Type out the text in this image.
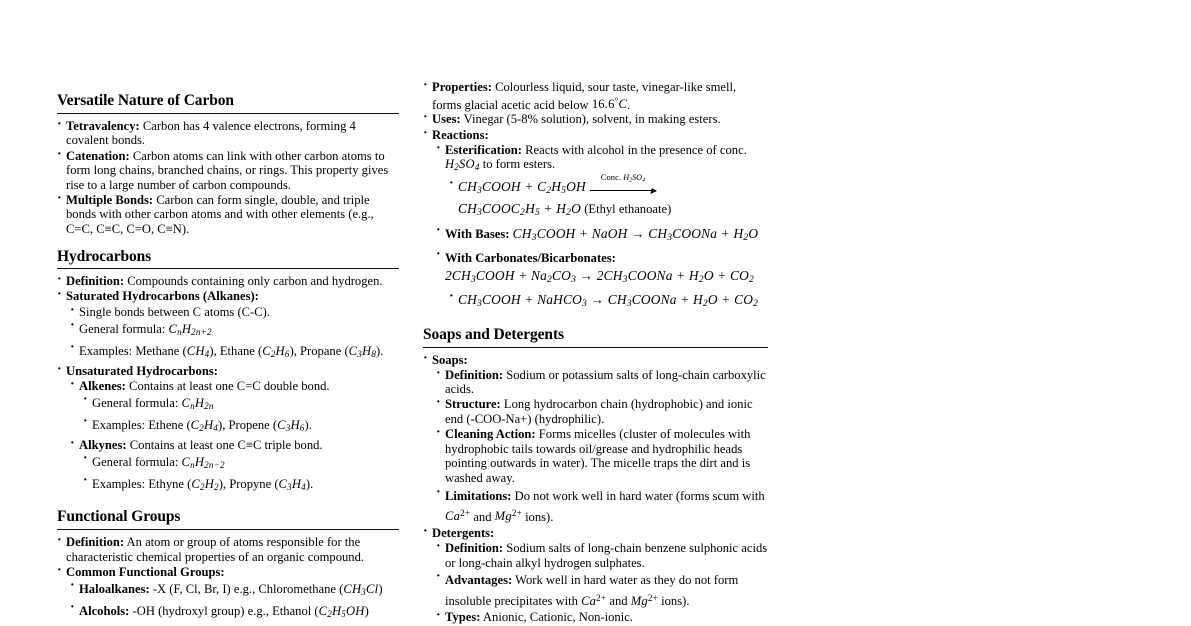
Versatile Nature of Carbon
· Tetravalency: Carbon has 4 valence electrons, forming 4 covalent bonds.
· Catenation: Carbon atoms can link with other carbon atoms to form long chains, branched chains, or rings. This property gives rise to a large number of carbon compounds.
· Multiple Bonds: Carbon can form single, double, and triple bonds with other carbon atoms and with other elements (e.g., C=C, C≡C, C=O, C≡N).
Hydrocarbons
· Definition: Compounds containing only carbon and hydrogen.
· Saturated Hydrocarbons (Alkanes):
· Single bonds between C atoms (C-C).
· General formula: $C_nH_{2n+2}$
· Examples: Methane $(CH_4)$, Ethane $(C_2H_6)$, Propane $(C_3H_8)$.
· Unsaturated Hydrocarbons:
· Alkenes: Contains at least one C=C double bond.
· General formula: $C_nH_{2n}$
· Examples: Ethene $(C_2H_4)$, Propene $(C_3H_6)$.
· Alkynes: Contains at least one C≡C triple bond.
· General formula: $C_nH_{2n-2}$
· Examples: Ethyne $(C_2H_2)$, Propyne $(C_3H_4)$.
Functional Groups
· Definition: An atom or group of atoms responsible for the characteristic chemical properties of an organic compound.
· Common Functional Groups:
· Haloalkanes: -X (F, Cl, Br, I) e.g., Chloromethane $(CH_3Cl)$
· Alcohols: -OH (hydroxyl group) e.g., Ethanol $(C_2H_5OH)$
· Properties: Colourless liquid, sour taste, vinegar-like smell, forms glacial acetic acid below 16.6°C.
· Uses: Vinegar (5-8% solution), solvent, in making esters.
· Reactions:
· Esterification: Reacts with alcohol in the presence of conc. $H_2SO_4$ to form esters.
· $CH_3COOH + C_2H_5OH$
Conc. $H_2SO_4$
$CH_3COOC_2H_5 + H_2O$ (Ethyl ethanoate)
· With Bases: $CH_3COOH$ + NaOH → $CH_3COONa + H_2O$
· With Carbonates/Bicarbonates: $2CH_3COOH + Na_2CO_3$ → $2CH_3COONa + H_2O + CO_2$
· $CH_3COOH$ + NaHCO$_3$ → $CH_3COONa + H_2O + CO_2$
Soaps and Detergents
· Soaps:
· Definition: Sodium or potassium salts of long-chain carboxylic acids.
· Structure: Long hydrocarbon chain (hydrophobic) and ionic end (-COO-Na+) (hydrophilic).
· Cleaning Action: Forms micelles (cluster of molecules with hydrophobic tails towards oil/grease and hydrophilic heads pointing outwards in water). The micelle traps the dirt and is washed away.
· Limitations: Do not work well in hard water (forms scum with $Ca^{2+}$ and $Mg^{2+}$ ions).
· Detergents:
· Definition: Sodium salts of long-chain benzene sulphonic acids or long-chain alkyl hydrogen sulphates.
· Advantages: Work well in hard water as they do not form insoluble precipitates with $Ca^{2+}$ and $Mg^{2+}$ ions).
· Types: Anionic, Cationic, Non-ionic.
